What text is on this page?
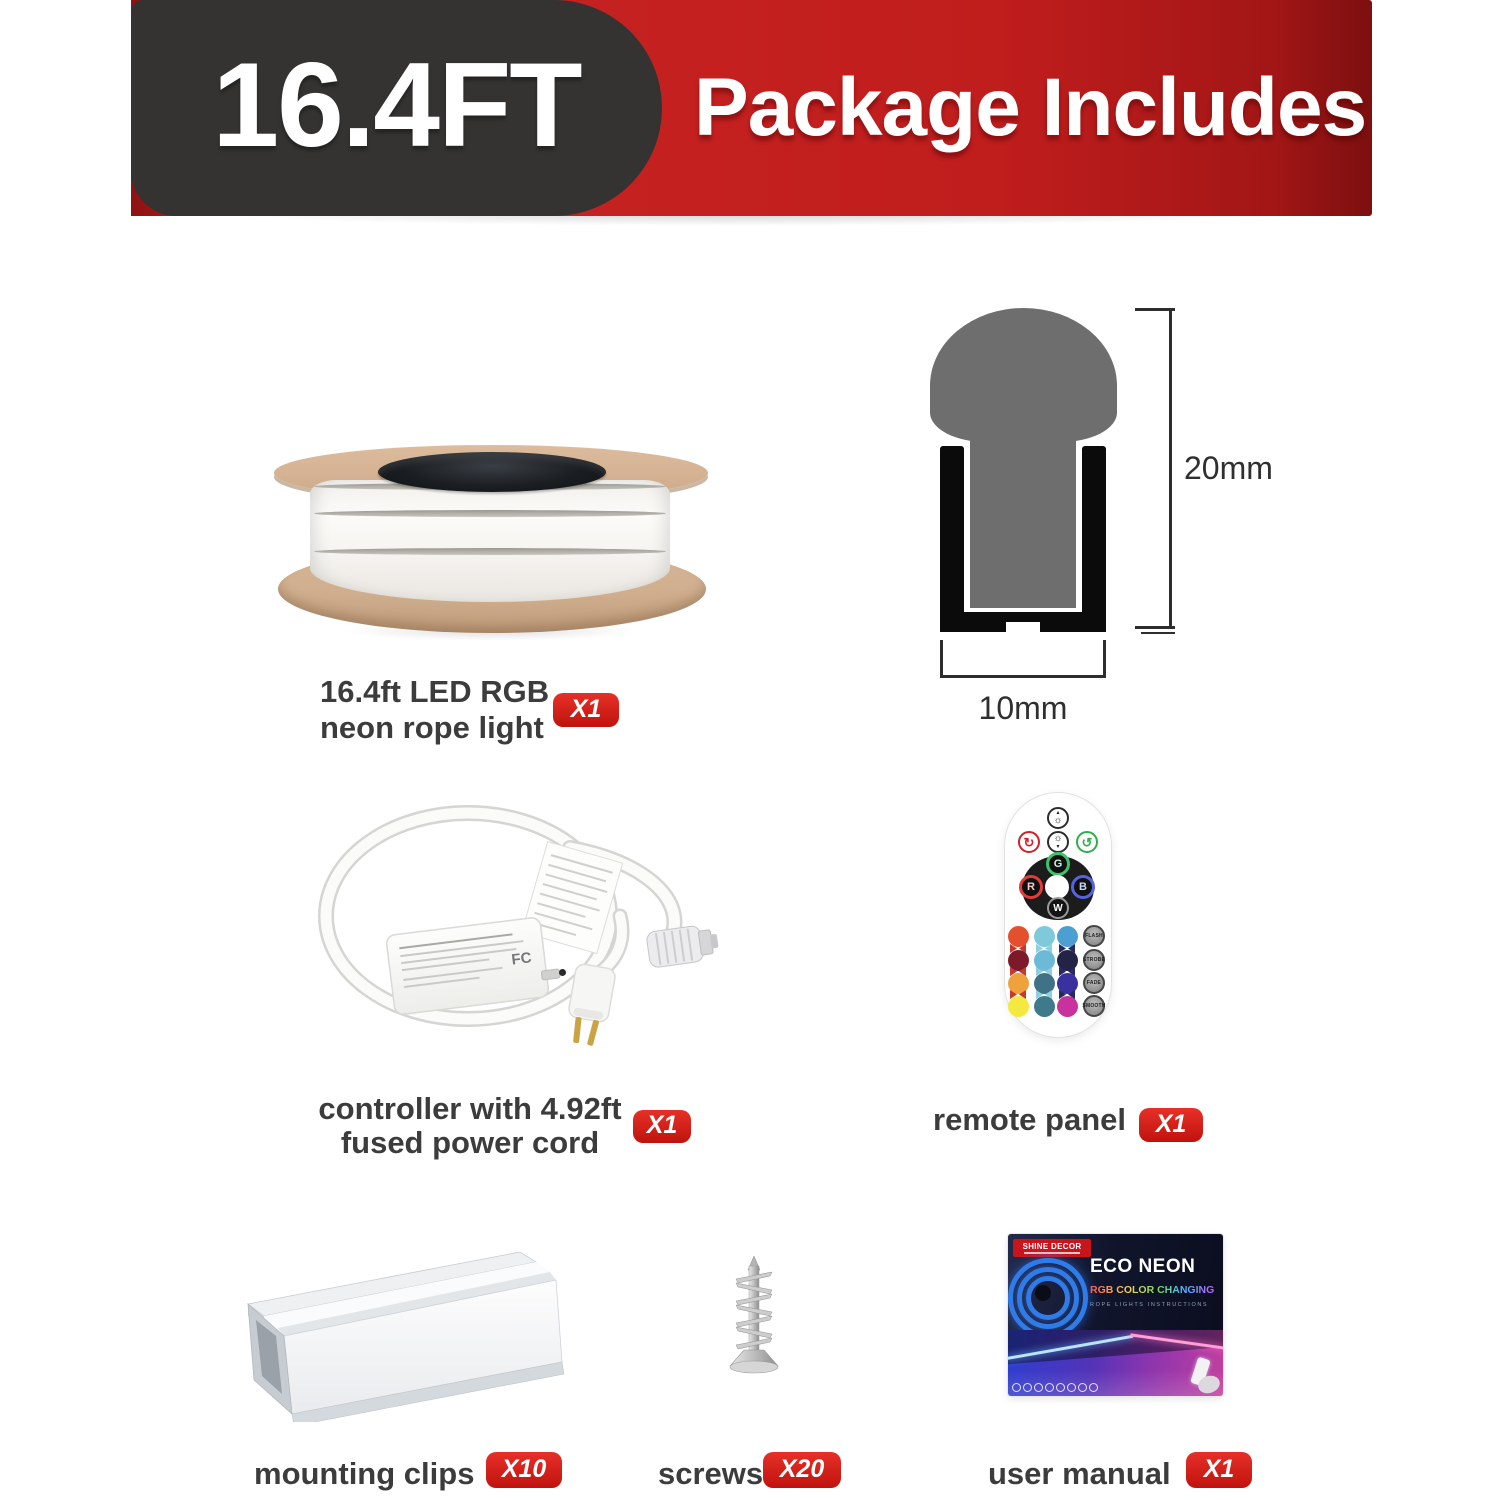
16.4FT	Package Includes
16.4ft LED RGB
neon rope light
X1
20mm
10mm
FC
controller with 4.92ft
fused power cord	X1
▴
☼
↻ ☼
▾ ↺
G
R	B
W
FLASH
STROBE
FADE
SMOOTH
remote panel	X1
mounting clips	X10	screws X20
SHINE DECOR
ECO NEON
RGB COLOR CHANGING
ROPE LIGHTS INSTRUCTIONS
user manual	X1
